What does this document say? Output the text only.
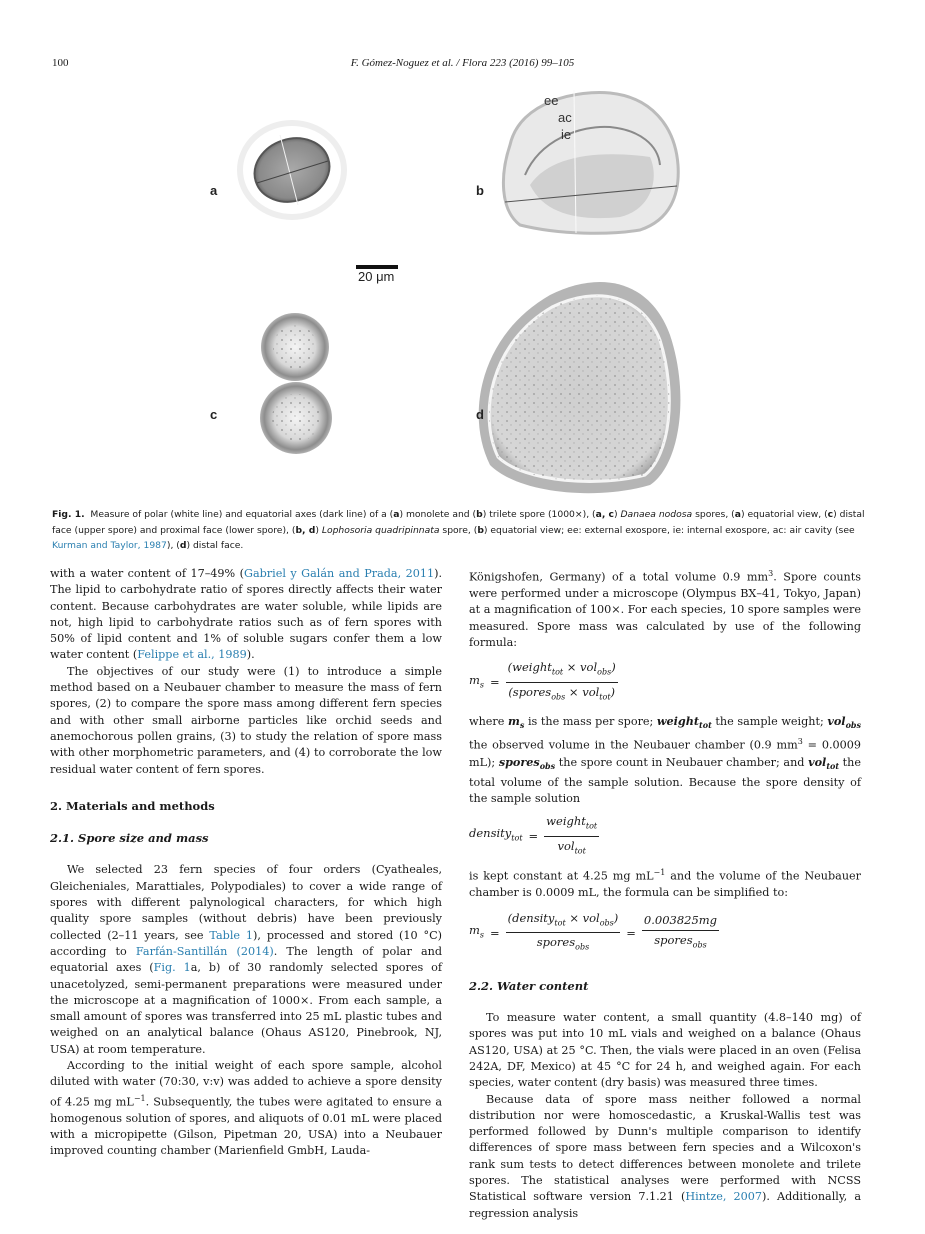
100	F. Gómez-Noguez et al. / Flora 223 (2016) 99–105
ee
ac
ie
a	b
c	d
20 μm
Fig. 1. Measure of polar (white line) and equatorial axes (dark line) of a (a) monolete and (b) trilete spore (1000×), (a, c) Danaea nodosa spores, (a) equatorial view, (c) distal face (upper spore) and proximal face (lower spore), (b, d) Lophosoria quadripinnata spore, (b) equatorial view; ee: external exospore, ie: internal exospore, ac: air cavity (see Kurman and Taylor, 1987), (d) distal face.

with a water content of 17–49% (Gabriel y Galán and Prada, 2011). The lipid to carbohydrate ratio of spores directly affects their water content. Because carbohydrates are water soluble, while lipids are not, high lipid to carbohydrate ratios such as of fern spores with 50% of lipid content and 1% of soluble sugars confer them a low water content (Felippe et al., 1989).

The objectives of our study were (1) to introduce a simple method based on a Neubauer chamber to measure the mass of fern spores, (2) to compare the spore mass among different fern species and with other small airborne particles like orchid seeds and anemochorous pollen grains, (3) to study the relation of spore mass with other morphometric parameters, and (4) to corroborate the low residual water content of fern spores.

2. Materials and methods
2.1. Spore size and mass

We selected 23 fern species of four orders (Cyatheales, Gleicheniales, Marattiales, Polypodiales) to cover a wide range of spores with different palynological characters, for which high quality spore samples (without debris) have been previously collected (2–11 years, see Table 1), processed and stored (10 °C) according to Farfán-Santillán (2014). The length of polar and equatorial axes (Fig. 1a, b) of 30 randomly selected spores of unacetolyzed, semi-permanent preparations were measured under the microscope at a magnification of 1000×. From each sample, a small amount of spores was transferred into 25 mL plastic tubes and weighed on an analytical balance (Ohaus AS120, Pinebrook, NJ, USA) at room temperature.

According to the initial weight of each spore sample, alcohol diluted with water (70:30, v:v) was added to achieve a spore density of 4.25 mg $mL^{-1}$. Subsequently, the tubes were agitated to ensure a homogenous solution of spores, and aliquots of 0.01 mL were placed with a micropipette (Gilson, Pipetman 20, USA) into a Neubauer improved counting chamber (Marienfield GmbH, Lauda-

Königshofen, Germany) of a total volume 0.9 $mm^3$. Spore counts were performed under a microscope (Olympus BX–41, Tokyo, Japan) at a magnification of 100×. For each species, 10 spore samples were measured. Spore mass was calculated by use of the following formula:

$m_s = \frac{(weight_{tot} \times vol_{obs})}{(spores_{obs} \times vol_{tot})}$

where $m_s$ is the mass per spore; weight$_{tot}$ the sample weight; vol$_{obs}$ the observed volume in the Neubauer chamber (0.9 $mm^3 = 0.0009$ mL); spores$_{obs}$ the spore count in Neubauer chamber; and vol$_{tot}$ the total volume of the sample solution. Because the spore density of the sample solution

density$_{tot}$ = $\frac{weight_{tot}}{vol_{tot}}$

is kept constant at 4.25 mg $mL^{-1}$ and the volume of the Neubauer chamber is 0.0009 mL, the formula can be simplified to:

$m_s = \frac{(density_{tot} \times vol_{obs})}{spores_{obs}} = \frac{0.003825mg}{spores_{obs}}$
2.2. Water content

To measure water content, a small quantity (4.8–140 mg) of spores was put into 10 mL vials and weighed on a balance (Ohaus AS120, USA) at 25 °C. Then, the vials were placed in an oven (Felisa 242A, DF, Mexico) at 45 °C for 24 h, and weighed again. For each species, water content (dry basis) was measured three times.

Because data of spore mass neither followed a normal distribution nor were homoscedastic, a Kruskal-Wallis test was performed followed by Dunn's multiple comparison to identify differences of spore mass between fern species and a Wilcoxon's rank sum tests to detect differences between monolete and trilete spores. The statistical analyses were performed with NCSS Statistical software version 7.1.21 (Hintze, 2007). Additionally, a regression analysis
